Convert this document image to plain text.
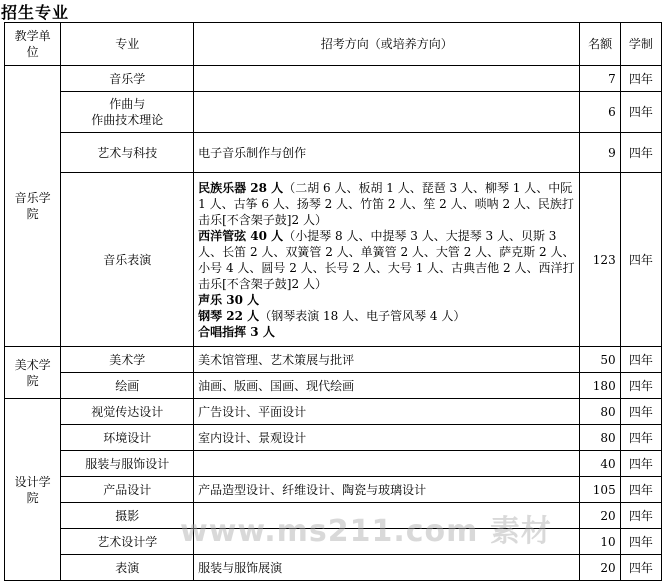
招生专业
教学单位	专业	招考方向（或培养方向）	名额	学制
音乐学院	音乐学		7	四年

	作曲与
作曲技术理论		6	四年
	艺术与科技	电子音乐制作与创作	9	四年
	音乐表演	民族乐器 28 人（二胡 6 人、板胡 1 人、琵琶 3 人、柳琴 1 人、中阮 1 人、古筝 6 人、扬琴 2 人、竹笛 2 人、笙 2 人、唢呐 2 人、民族打击乐[不含架子鼓]2 人）
西洋管弦 40 人（小提琴 8 人、中提琴 3 人、大提琴 3 人、贝斯 3 人、长笛 2 人、双簧管 2 人、单簧管 2 人、大管 2 人、萨克斯 2 人、小号 4 人、圆号 2 人、长号 2 人、大号 1 人、古典吉他 2 人、西洋打击乐[不含架子鼓]2 人）
声乐 30 人
钢琴 22 人（钢琴表演 18 人、电子管风琴 4 人）
合唱指挥 3 人	123	四年
美术学院	美术学	美术馆管理、艺术策展与批评	50	四年
	绘画	油画、版画、国画、现代绘画	180	四年
设计学院	视觉传达设计	广告设计、平面设计	80	四年
	环境设计	室内设计、景观设计	80	四年
	服装与服饰设计		40	四年
	产品设计	产品造型设计、纤维设计、陶瓷与玻璃设计	105	四年
	摄影		20	四年
	艺术设计学		10	四年
	表演	服装与服饰展演	20	四年
www.ms211.com 素材
